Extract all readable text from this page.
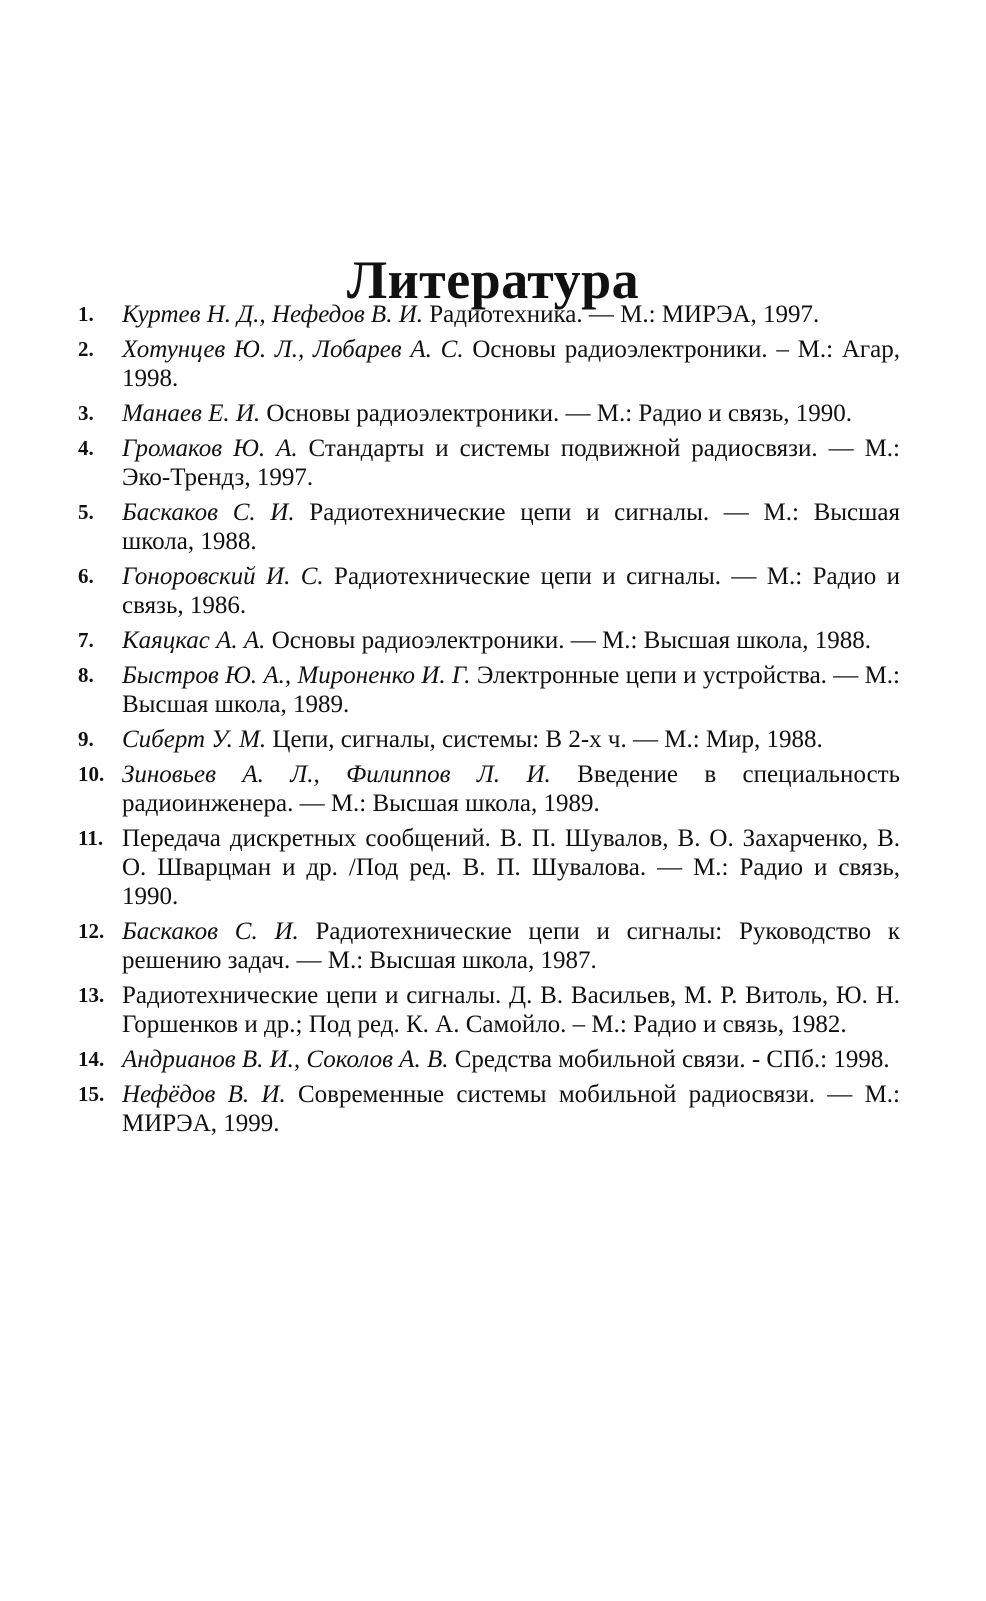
Литература
1.	Куртев Н. Д., Нефедов В. И. Радиотехника. — М.: МИРЭА, 1997.
2.	Хотунцев Ю. Л., Лобарев А. С. Основы радиоэлектроники. – М.: Агар, 1998.
3.	Манаев Е. И. Основы радиоэлектроники. — М.: Радио и связь, 1990.
4.	Громаков Ю. А. Стандарты и системы подвижной радиосвязи. — М.: Эко-Трендз, 1997.
5.	Баскаков С. И. Радиотехнические цепи и сигналы. — М.: Высшая школа, 1988.
6.	Гоноровский И. С. Радиотехнические цепи и сигналы. — М.: Радио и связь, 1986.
7.	Каяцкас А. А. Основы радиоэлектроники. — М.: Высшая школа, 1988.
8.	Быстров Ю. А., Мироненко И. Г. Электронные цепи и устройства. — М.: Высшая школа, 1989.
9.	Сиберт У. М. Цепи, сигналы, системы: В 2-х ч. — М.: Мир, 1988.
10. Зиновьев А. Л., Филиппов Л. И. Введение в специальность радиоинженера. — М.: Высшая школа, 1989.
11. Передача дискретных сообщений. В. П. Шувалов, В. О. Захарченко, В. О. Шварцман и др. /Под ред. В. П. Шувалова. — М.: Радио и связь, 1990.
12. Баскаков С. И. Радиотехнические цепи и сигналы: Руководство к решению задач. — М.: Высшая школа, 1987.
13. Радиотехнические цепи и сигналы. Д. В. Васильев, М. Р. Витоль, Ю. Н. Горшенков и др.; Под ред. К. А. Самойло. – М.: Радио и связь, 1982.
14. Андрианов В. И., Соколов А. В. Средства мобильной связи. - СПб.: 1998.
15. Нефёдов В. И. Современные системы мобильной радиосвязи. — М.: МИРЭА, 1999.
